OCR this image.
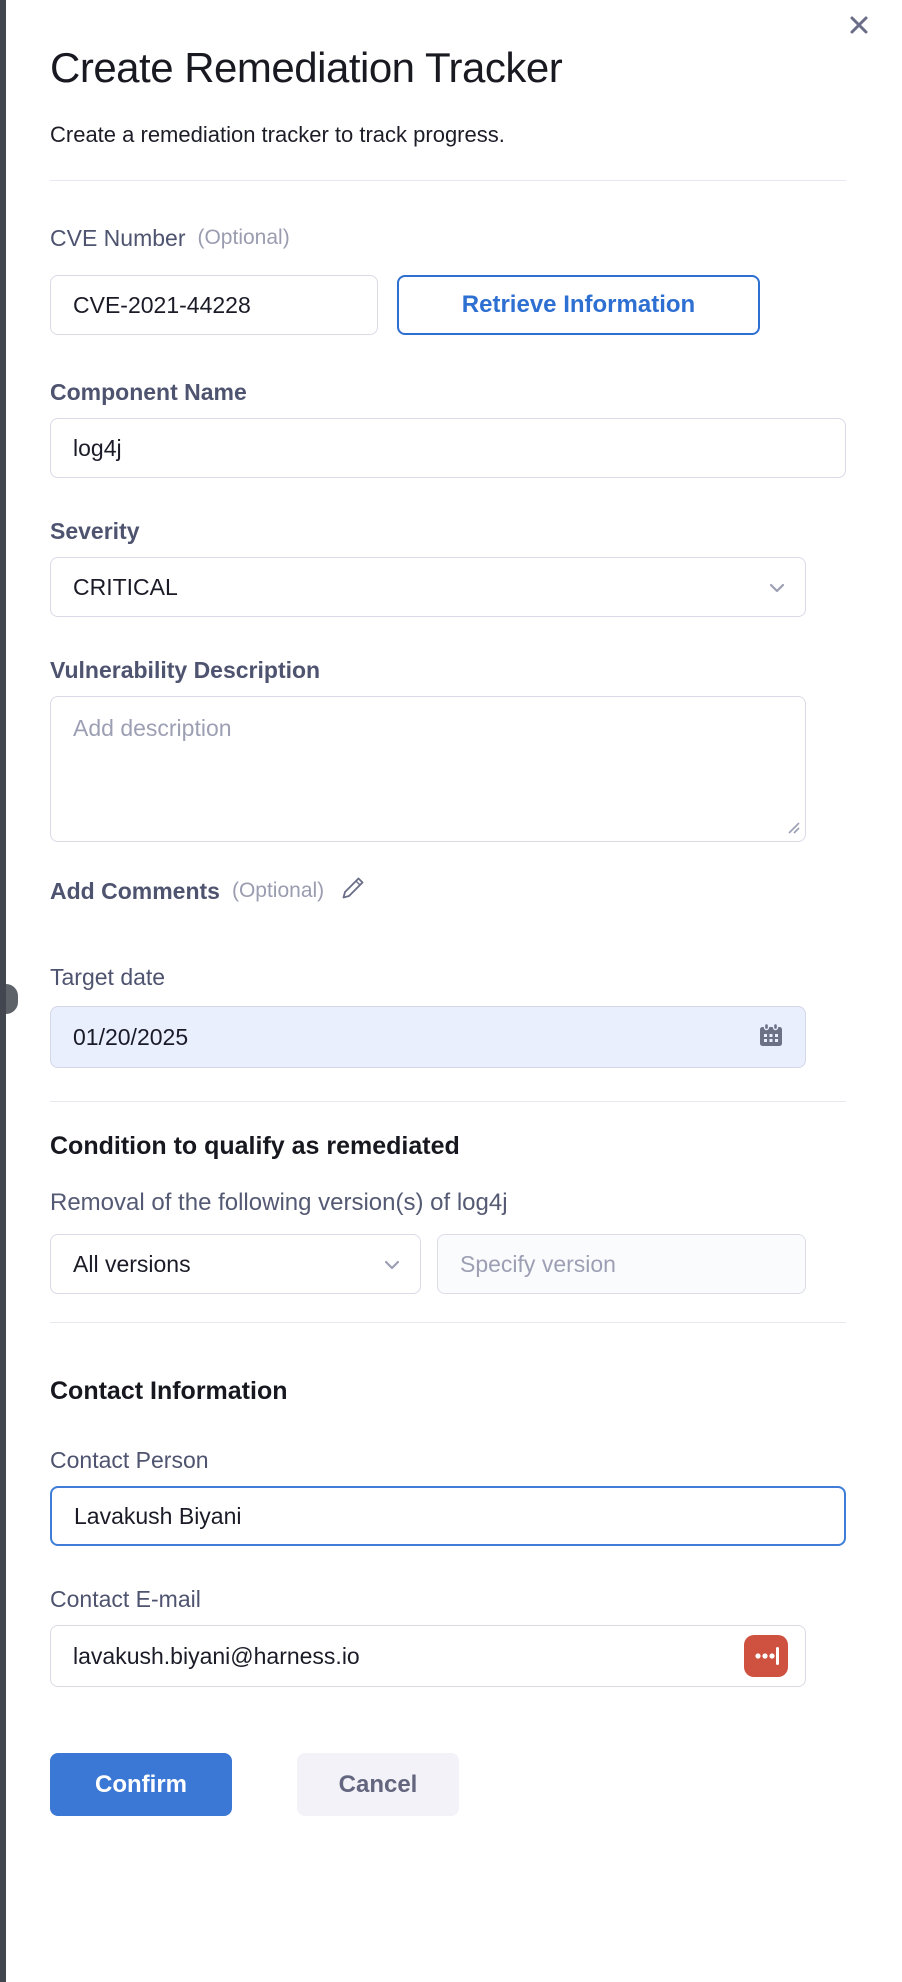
Create Remediation Tracker
Create a remediation tracker to track progress.
CVE Number (Optional)
CVE-2021-44228
Retrieve Information
Component Name
log4j
Severity
CRITICAL
Vulnerability Description
Add description
Add Comments (Optional)
Target date
01/20/2025
Condition to qualify as remediated
Removal of the following version(s) of log4j
All versions
Specify version
Contact Information
Contact Person
Lavakush Biyani
Contact E-mail
lavakush.biyani@harness.io
Confirm	Cancel
